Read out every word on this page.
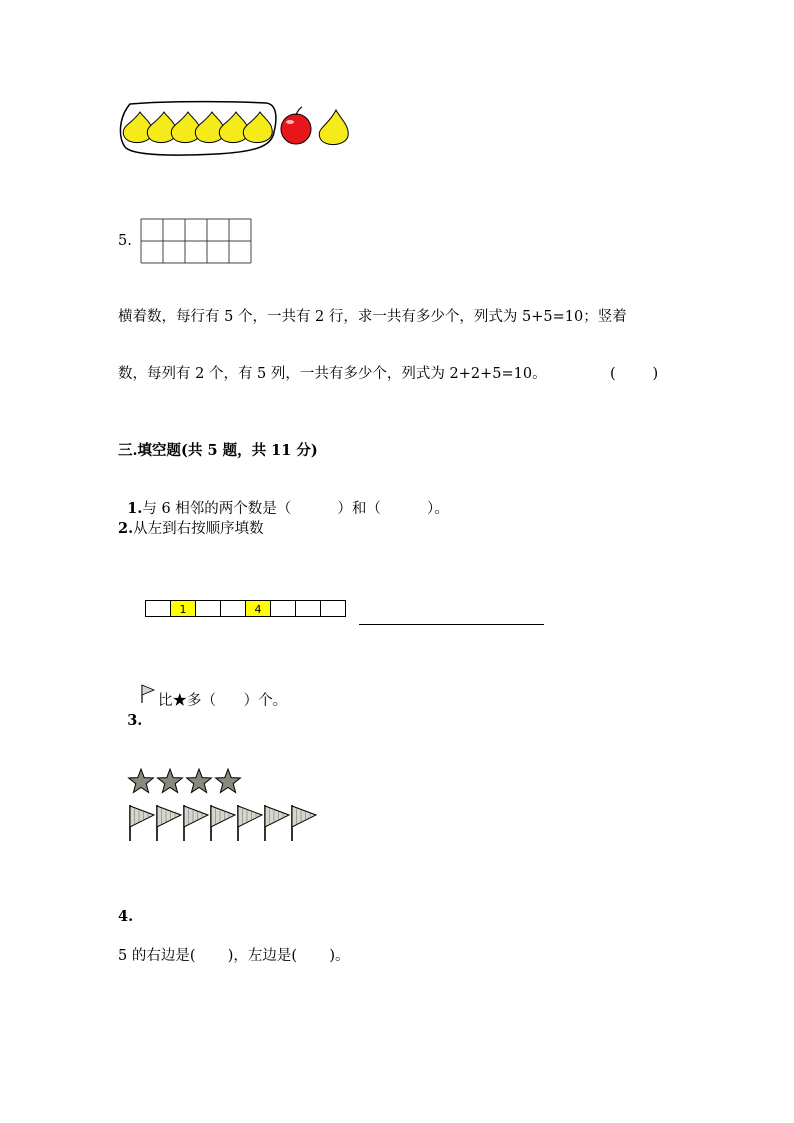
5.
横着数，每行有 5 个，一共有 2 行，求一共有多少个，列式为 5+5=10；竖着
数，每列有 2 个，有 5 列，一共有多少个，列式为 2+2+5=10。	(        )
三.填空题(共 5 题，共 11 分)

1.与 6 相邻的两个数是（          ）和（          ）。

2.从左到右按顺序填数
1	4

3.

比★多（      ）个。
4.
5 的右边是(       )，左边是(       )。
